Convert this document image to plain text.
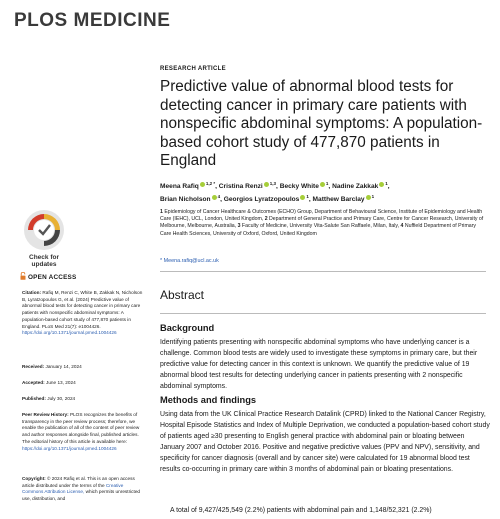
PLOS MEDICINE
Check for
updates
OPEN ACCESS

Citation: Rafiq M, Renzi C, White B, Zakkak N, Nicholson B, Lyratzopoulos G, et al. (2024) Predictive value of abnormal blood tests for detecting cancer in primary care patients with nonspecific abdominal symptoms: A population-based cohort study of 477,870 patients in England. PLoS Med 21(7): e1004426. https://doi.org/10.1371/journal.pmed.1004426

Received: January 14, 2024

Accepted: June 13, 2024

Published: July 30, 2024

Peer Review History: PLOS recognizes the benefits of transparency in the peer review process; therefore, we enable the publication of all of the content of peer review and author responses alongside final, published articles. The editorial history of this article is available here: https://doi.org/10.1371/journal.pmed.1004426

Copyright: © 2024 Rafiq et al. This is an open access article distributed under the terms of the Creative Commons Attribution License, which permits unrestricted use, distribution, and

RESEARCH ARTICLE
Predictive value of abnormal blood tests for detecting cancer in primary care patients with nonspecific abdominal symptoms: A population-based cohort study of 477,870 patients in England
Meena Rafiq $^{1,2 *}$, Cristina Renzi $^{1,3}$, Becky White $^1$, Nadine Zakkak $^1$,
Brian Nicholson $^4$, Georgios Lyratzopoulos $^1$, Matthew Barclay $^1$
1 Epidemiology of Cancer Healthcare & Outcomes (ECHO) Group, Department of Behavioural Science, Institute of Epidemiology and Health Care (IEHC), UCL, London, United Kingdom, 2 Department of General Practice and Primary Care, Centre for Cancer Research, University of Melbourne, Melbourne, Australia, 3 Faculty of Medicine, University Vita-Salute San Raffaele, Milan, Italy, 4 Nuffield Department of Primary Care Health Sciences, University of Oxford, Oxford, United Kingdom
* Meena.rafiq@ucl.ac.uk
Abstract
Background

Identifying patients presenting with nonspecific abdominal symptoms who have underlying cancer is a challenge. Common blood tests are widely used to investigate these symptoms in primary care, but their predictive value for detecting cancer in this context is unknown. We quantify the predictive value of 19 abnormal blood test results for detecting underlying cancer in patients presenting with 2 nonspecific abdominal symptoms.

Methods and findings

Using data from the UK Clinical Practice Research Datalink (CPRD) linked to the National Cancer Registry, Hospital Episode Statistics and Index of Multiple Deprivation, we conducted a population-based cohort study of patients aged ≥30 presenting to English general practice with abdominal pain or bloating between January 2007 and October 2016. Positive and negative predictive values (PPV and NPV), sensitivity, and specificity for cancer diagnosis (overall and by cancer site) were calculated for 19 abnormal blood test results co-occurring in primary care within 3 months of abdominal pain or bloating presentations.

A total of 9,427/425,549 (2.2%) patients with abdominal pain and 1,148/52,321 (2.2%)
